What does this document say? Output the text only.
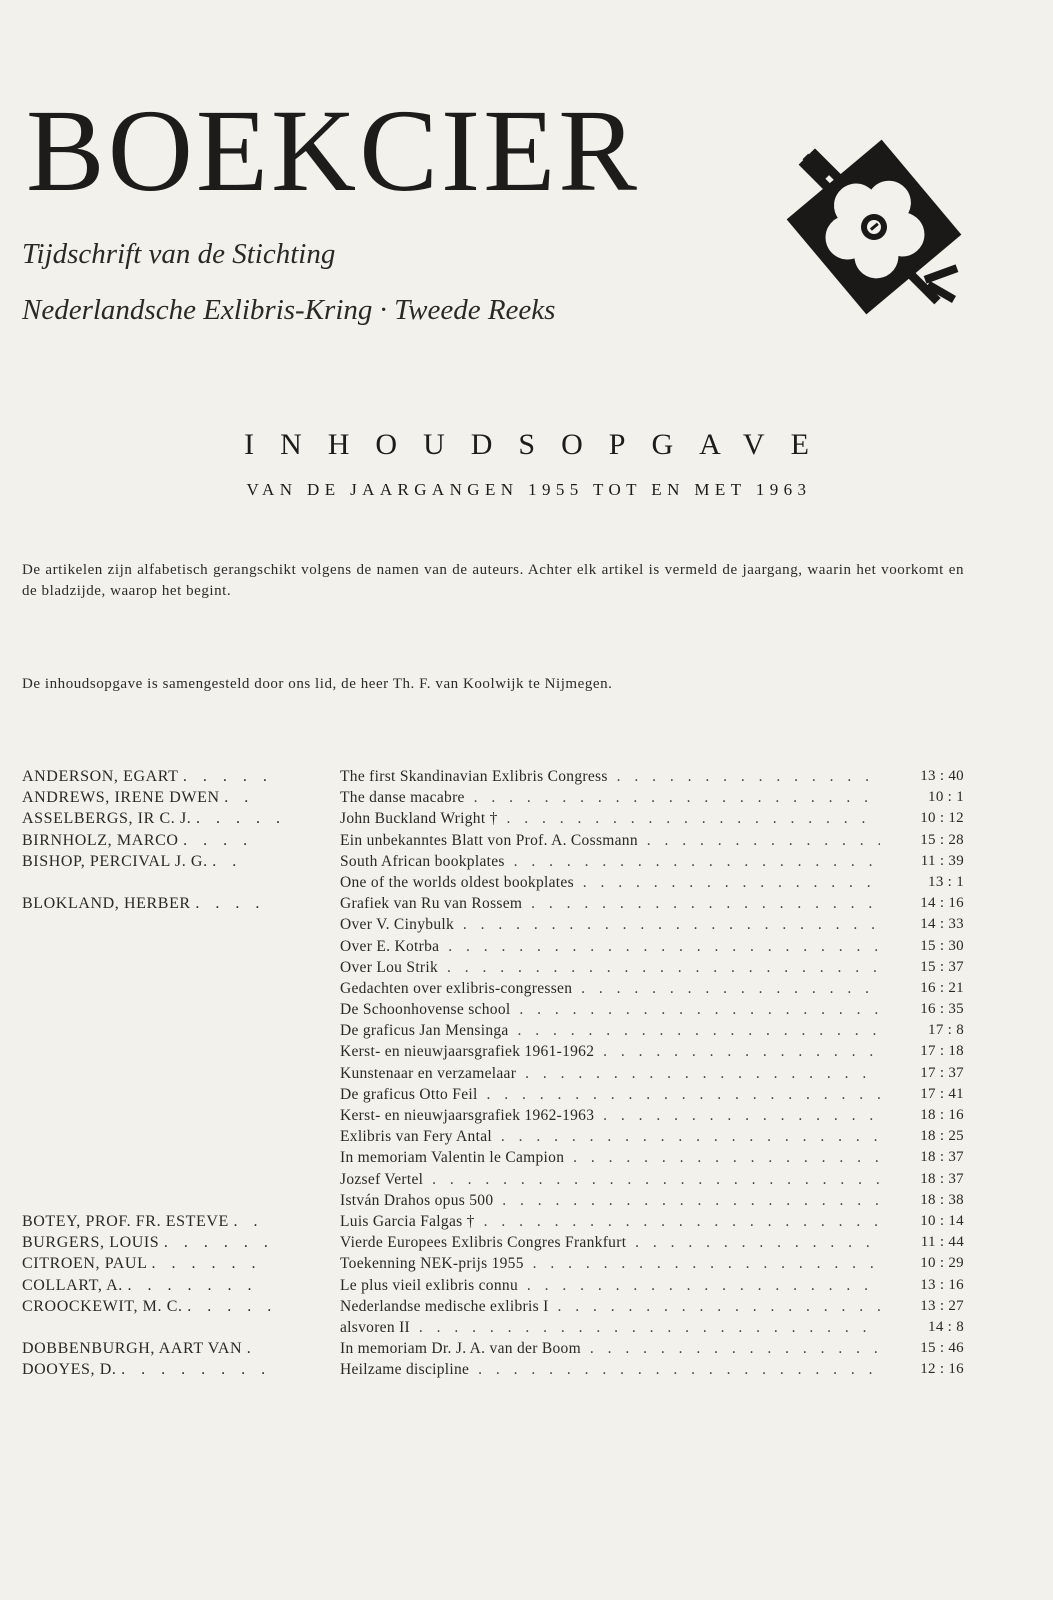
BOEKCIER

Tijdschrift van de Stichting
Nederlandsche Exlibris-Kring · Tweede Reeks

INHOUDSOPGAVE

VAN DE JAARGANGEN 1955 TOT EN MET 1963

De artikelen zijn alfabetisch gerangschikt volgens de namen van de auteurs. Achter elk artikel is vermeld de jaargang, waarin het voorkomt en de bladzijde, waarop het begint.

De inhoudsopgave is samengesteld door ons lid, de heer Th. F. van Koolwijk te Nijmegen.

ANDERSON, EGART . . . . .	The first Skandinavian Exlibris Congress . . .	13 : 40
ANDREWS, IRENE DWEN . .	The danse macabre . . .	10 : 1
ASSELBERGS, IR C. J. . . . . .	John Buckland Wright † . . .	10 : 12
BIRNHOLZ, MARCO . . . .	Ein unbekanntes Blatt von Prof. A. Cossmann . . .	15 : 28
BISHOP, PERCIVAL J. G. . .	South African bookplates . . .	11 : 39
One of the worlds oldest bookplates . . .	13 : 1
BLOKLAND, HERBER . . . .	Grafiek van Ru van Rossem . . .	14 : 16
Over V. Cinybulk . . .	14 : 33
Over E. Kotrba . . .	15 : 30
Over Lou Strik . . .	15 : 37
Gedachten over exlibris-congressen . . .	16 : 21
De Schoonhovense school . . .	16 : 35
De graficus Jan Mensinga . . .	17 : 8
Kerst- en nieuwjaarsgrafiek 1961-1962 . . .	17 : 18
Kunstenaar en verzamelaar . . .	17 : 37
De graficus Otto Feil . . .	17 : 41
Kerst- en nieuwjaarsgrafiek 1962-1963 . . .	18 : 16
Exlibris van Fery Antal . . .	18 : 25
In memoriam Valentin le Campion . . .	18 : 37
Jozsef Vertel . . .	18 : 37
István Drahos opus 500 . . .	18 : 38
BOTEY, PROF. FR. ESTEVE . .	Luis Garcia Falgas † . . .	10 : 14
BURGERS, LOUIS . . . . . .	Vierde Europees Exlibris Congres Frankfurt . . .	11 : 44
CITROEN, PAUL . . . . . .	Toekenning NEK-prijs 1955 . . .	10 : 29
COLLART, A. . . . . . . .	Le plus vieil exlibris connu . . .	13 : 16
CROOCKEWIT, M. C. . . . . .	Nederlandse medische exlibris I . . .	13 : 27
alsvoren II . . .	14 : 8
DOBBENBURGH, AART VAN .	In memoriam Dr. J. A. van der Boom . . .	15 : 46
DOOYES, D. . . . . . . . .	Heilzame discipline . . .	12 : 16
